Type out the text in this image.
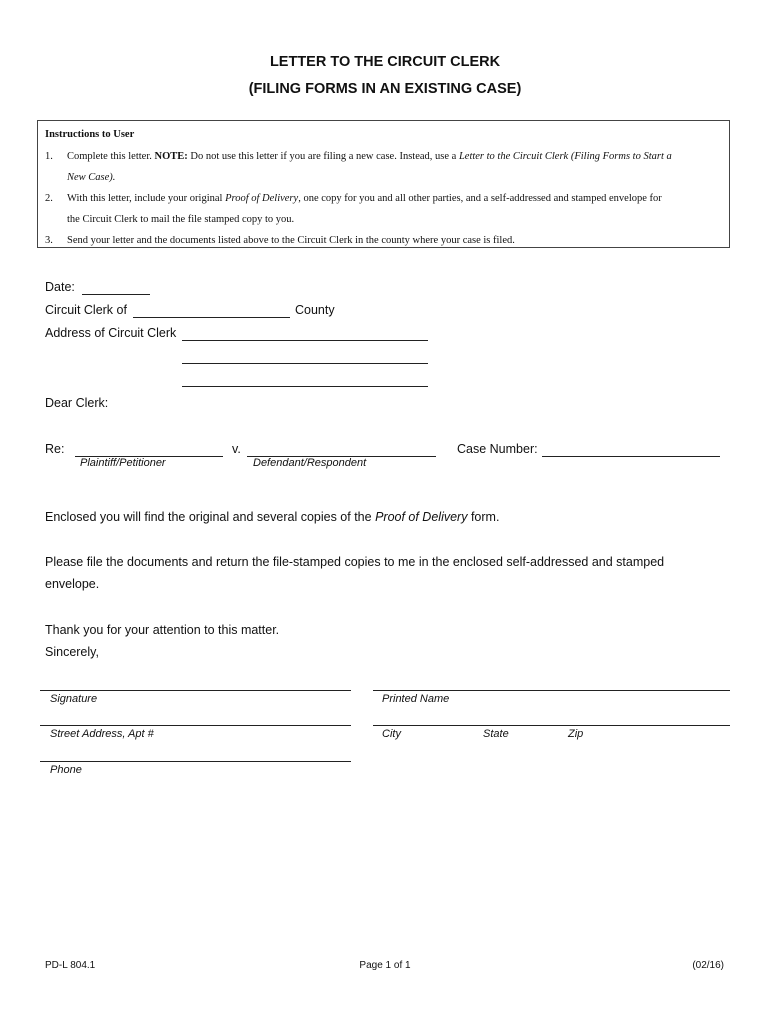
LETTER TO THE CIRCUIT CLERK
(FILING FORMS IN AN EXISTING CASE)
Instructions to User
1. Complete this letter. NOTE: Do not use this letter if you are filing a new case. Instead, use a Letter to the Circuit Clerk (Filing Forms to Start a
New Case).
2. With this letter, include your original Proof of Delivery, one copy for you and all other parties, and a self-addressed and stamped envelope for
the Circuit Clerk to mail the file stamped copy to you.
3. Send your letter and the documents listed above to the Circuit Clerk in the county where your case is filed.
Date:
Circuit Clerk of	County
Address of Circuit Clerk
Dear Clerk:
Re:	v.	Case Number:
Plaintiff/Petitioner	Defendant/Respondent
Enclosed you will find the original and several copies of the Proof of Delivery form.
Please file the documents and return the file-stamped copies to me in the enclosed self-addressed and stamped
envelope.
Thank you for your attention to this matter.
Sincerely,
Signature	Printed Name
Street Address, Apt #	City	State	Zip
Phone
PD-L 804.1	Page 1 of 1	(02/16)
